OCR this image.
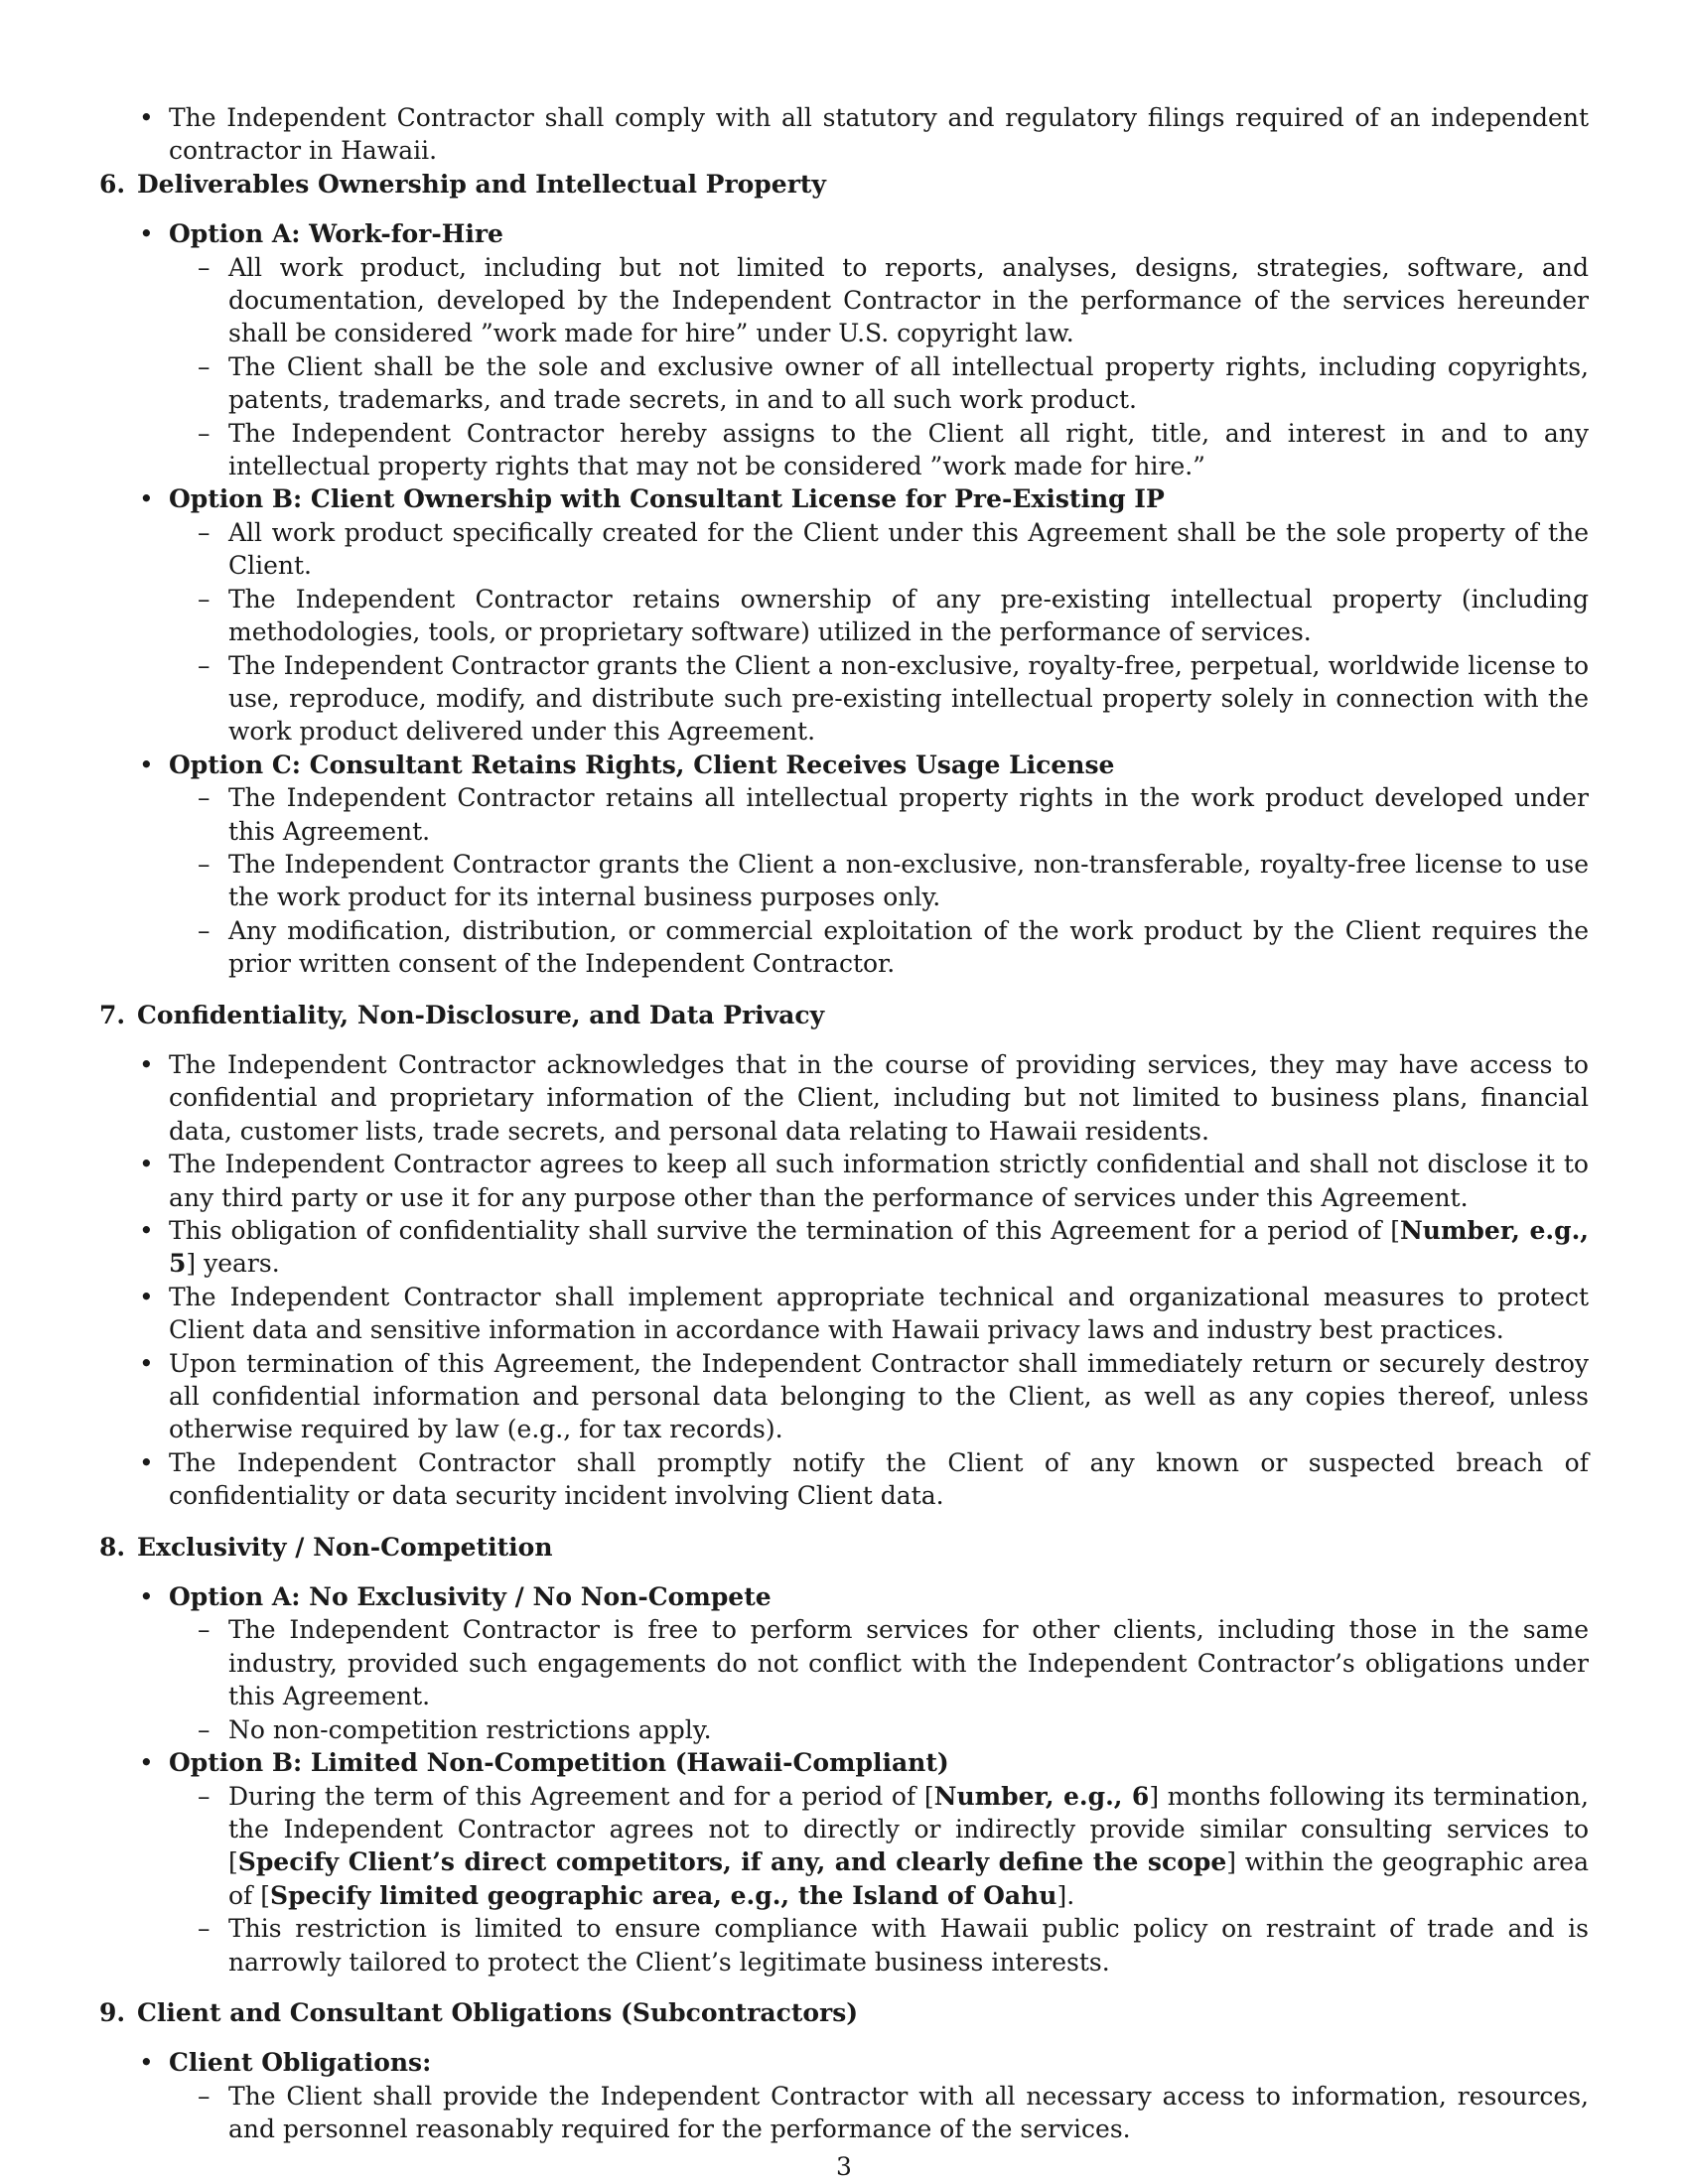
• The Independent Contractor shall comply with all statutory and regulatory filings required of an independent contractor in Hawaii.
6. Deliverables Ownership and Intellectual Property
• Option A: Work-for-Hire
– All work product, including but not limited to reports, analyses, designs, strategies, software, and documentation, developed by the Independent Contractor in the performance of the services hereunder shall be considered ”work made for hire” under U.S. copyright law.
– The Client shall be the sole and exclusive owner of all intellectual property rights, including copyrights, patents, trademarks, and trade secrets, in and to all such work product.
– The Independent Contractor hereby assigns to the Client all right, title, and interest in and to any intellectual property rights that may not be considered ”work made for hire.”
• Option B: Client Ownership with Consultant License for Pre-Existing IP
– All work product specifically created for the Client under this Agreement shall be the sole property of the Client.
– The Independent Contractor retains ownership of any pre-existing intellectual property (including methodologies, tools, or proprietary software) utilized in the performance of services.
– The Independent Contractor grants the Client a non-exclusive, royalty-free, perpetual, worldwide license to use, reproduce, modify, and distribute such pre-existing intellectual property solely in connection with the work product delivered under this Agreement.
• Option C: Consultant Retains Rights, Client Receives Usage License
– The Independent Contractor retains all intellectual property rights in the work product developed under this Agreement.
– The Independent Contractor grants the Client a non-exclusive, non-transferable, royalty-free license to use the work product for its internal business purposes only.
– Any modification, distribution, or commercial exploitation of the work product by the Client requires the prior written consent of the Independent Contractor.
7. Confidentiality, Non-Disclosure, and Data Privacy
• The Independent Contractor acknowledges that in the course of providing services, they may have access to confidential and proprietary information of the Client, including but not limited to business plans, financial data, customer lists, trade secrets, and personal data relating to Hawaii residents.
• The Independent Contractor agrees to keep all such information strictly confidential and shall not disclose it to any third party or use it for any purpose other than the performance of services under this Agreement.
• This obligation of confidentiality shall survive the termination of this Agreement for a period of [Number, e.g., 5] years.
• The Independent Contractor shall implement appropriate technical and organizational measures to protect Client data and sensitive information in accordance with Hawaii privacy laws and industry best practices.
• Upon termination of this Agreement, the Independent Contractor shall immediately return or securely destroy all confidential information and personal data belonging to the Client, as well as any copies thereof, unless otherwise required by law (e.g., for tax records).
• The Independent Contractor shall promptly notify the Client of any known or suspected breach of confidentiality or data security incident involving Client data.
8. Exclusivity / Non-Competition
• Option A: No Exclusivity / No Non-Compete
– The Independent Contractor is free to perform services for other clients, including those in the same industry, provided such engagements do not conflict with the Independent Contractor’s obligations under this Agreement.
– No non-competition restrictions apply.
• Option B: Limited Non-Competition (Hawaii-Compliant)
– During the term of this Agreement and for a period of [Number, e.g., 6] months following its termination, the Independent Contractor agrees not to directly or indirectly provide similar consulting services to [Specify Client’s direct competitors, if any, and clearly define the scope] within the geographic area of [Specify limited geographic area, e.g., the Island of Oahu].
– This restriction is limited to ensure compliance with Hawaii public policy on restraint of trade and is narrowly tailored to protect the Client’s legitimate business interests.
9. Client and Consultant Obligations (Subcontractors)
• Client Obligations:
– The Client shall provide the Independent Contractor with all necessary access to information, resources, and personnel reasonably required for the performance of the services.
3
